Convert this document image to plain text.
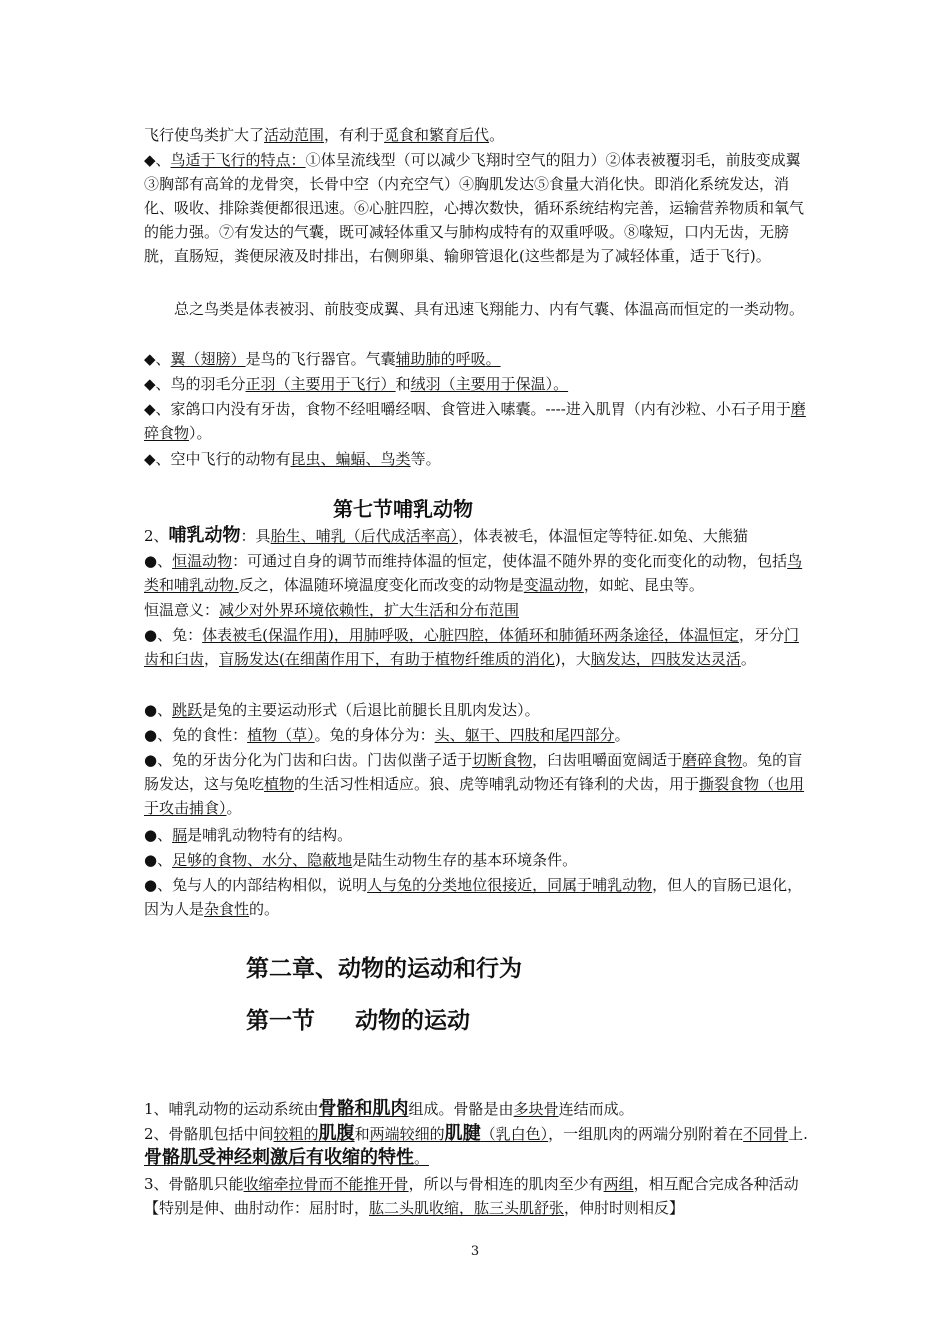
飞行使鸟类扩大了活动范围，有利于觅食和繁育后代。

◆、鸟适于飞行的特点：①体呈流线型（可以减少飞翔时空气的阻力）②体表被覆羽毛，前肢变成翼③胸部有高耸的龙骨突，长骨中空（内充空气）④胸肌发达⑤食量大消化快。即消化系统发达，消化、吸收、排除粪便都很迅速。⑥心脏四腔，心搏次数快，循环系统结构完善，运输营养物质和氧气的能力强。⑦有发达的气囊，既可减轻体重又与肺构成特有的双重呼吸。⑧喙短，口内无齿，无膀胱，直肠短，粪便尿液及时排出，右侧卵巢、输卵管退化(这些都是为了减轻体重，适于飞行)。

总之鸟类是体表被羽、前肢变成翼、具有迅速飞翔能力、内有气囊、体温高而恒定的一类动物。

◆、翼（翅膀）是鸟的飞行器官。气囊辅助肺的呼吸。

◆、鸟的羽毛分正羽（主要用于飞行）和绒羽（主要用于保温）。

◆、家鸽口内没有牙齿，食物不经咀嚼经咽、食管进入嗉囊。----进入肌胃（内有沙粒、小石子用于磨碎食物）。

◆、空中飞行的动物有昆虫、蝙蝠、鸟类等。

第七节哺乳动物

2、哺乳动物：具胎生、哺乳（后代成活率高），体表被毛，体温恒定等特征.如兔、大熊猫

●、恒温动物：可通过自身的调节而维持体温的恒定，使体温不随外界的变化而变化的动物，包括鸟类和哺乳动物.反之，体温随环境温度变化而改变的动物是变温动物，如蛇、昆虫等。

恒温意义：减少对外界环境依赖性，扩大生活和分布范围

●、兔：体表被毛(保温作用)，用肺呼吸，心脏四腔，体循环和肺循环两条途径，体温恒定，牙分门齿和臼齿，盲肠发达(在细菌作用下，有助于植物纤维质的消化)，大脑发达，四肢发达灵活。

●、跳跃是兔的主要运动形式（后退比前腿长且肌肉发达）。

●、兔的食性：植物（草）。兔的身体分为：头、躯干、四肢和尾四部分。

●、兔的牙齿分化为门齿和臼齿。门齿似凿子适于切断食物，臼齿咀嚼面宽阔适于磨碎食物。兔的盲肠发达，这与兔吃植物的生活习性相适应。狼、虎等哺乳动物还有锋利的犬齿，用于撕裂食物（也用于攻击捕食）。

●、膈是哺乳动物特有的结构。

●、足够的食物、水分、隐蔽地是陆生动物生存的基本环境条件。

●、兔与人的内部结构相似，说明人与兔的分类地位很接近，同属于哺乳动物，但人的盲肠已退化，因为人是杂食性的。

第二章、动物的运动和行为
第一节 动物的运动

1、哺乳动物的运动系统由骨骼和肌肉组成。骨骼是由多块骨连结而成。

2、骨骼肌包括中间较粗的肌腹和两端较细的肌腱（乳白色），一组肌肉的两端分别附着在不同骨上.骨骼肌受神经刺激后有收缩的特性。

3、骨骼肌只能收缩牵拉骨而不能推开骨，所以与骨相连的肌肉至少有两组，相互配合完成各种活动【特别是伸、曲肘动作：屈肘时，肱二头肌收缩，肱三头肌舒张，伸肘时则相反】

3
